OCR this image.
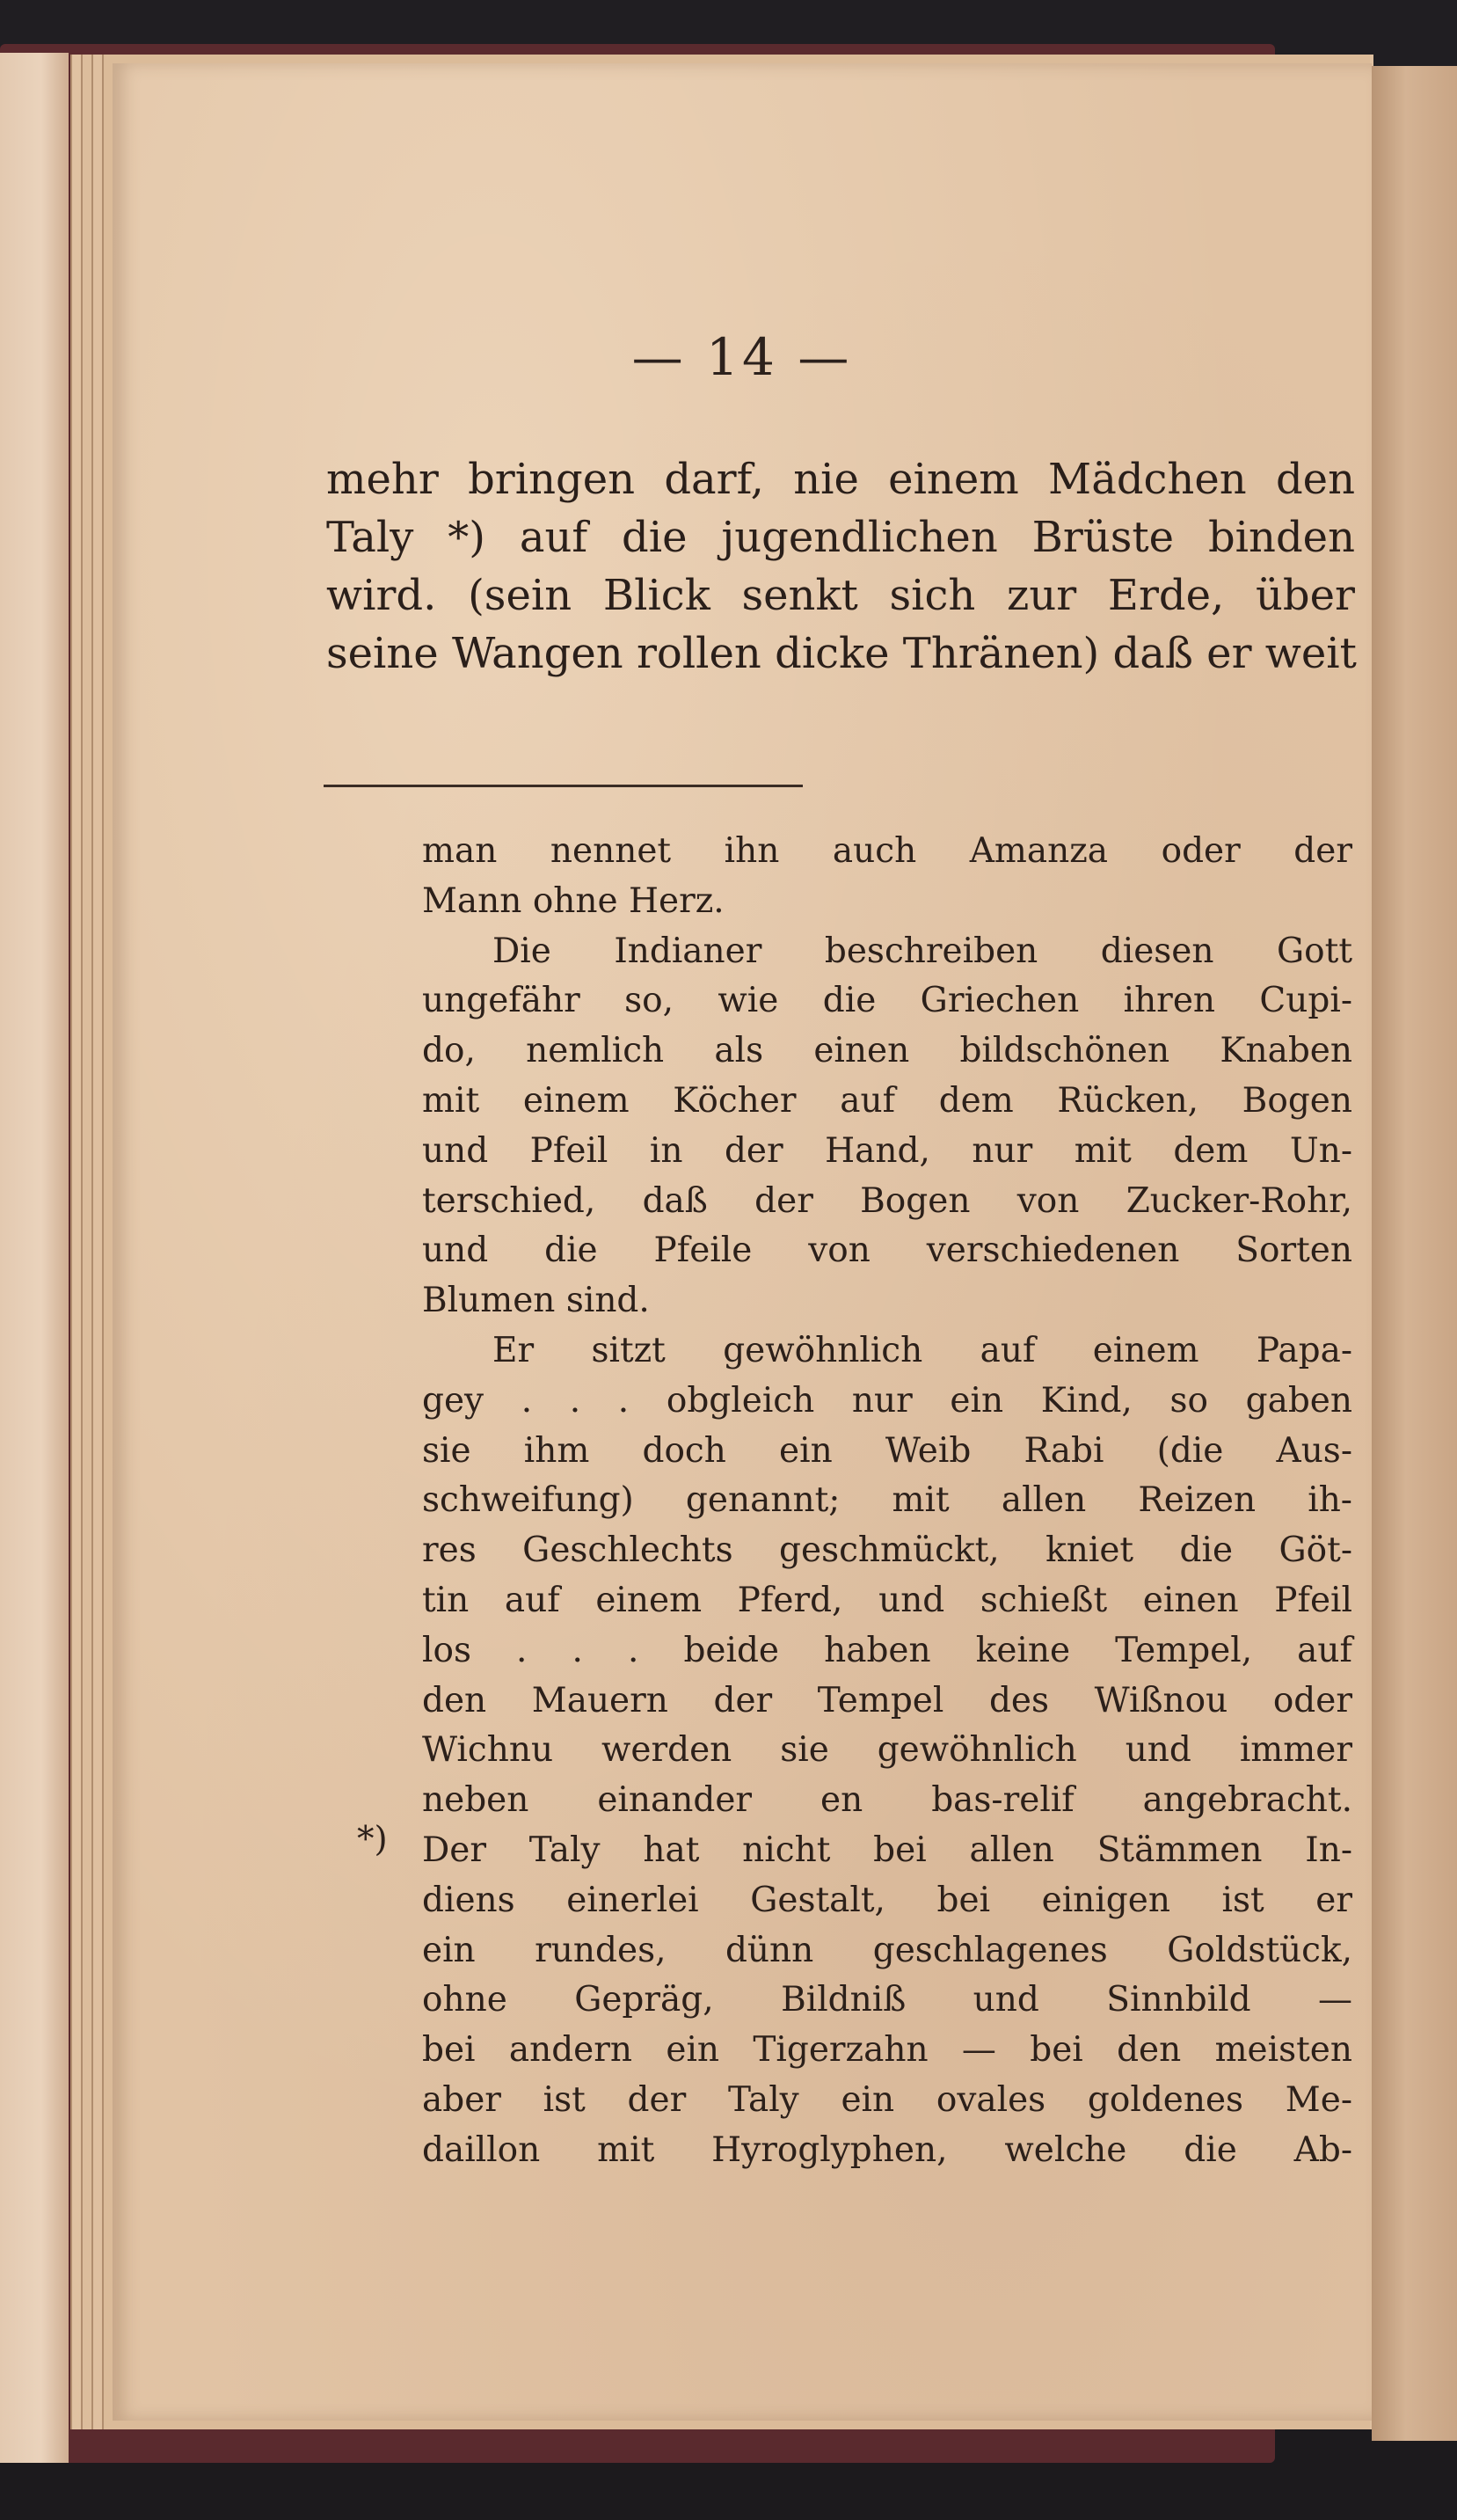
— 14 —
mehr bringen darf, nie einem Mädchen den
Taly *) auf die jugendlichen Brüste binden
wird. (sein Blick senkt sich zur Erde, über
seine Wangen rollen dicke Thränen) daß er weit
man nennet ihn auch Amanza oder der
Mann ohne Herz.
Die Indianer beschreiben diesen Gott
ungefähr so, wie die Griechen ihren Cupi-
do, nemlich als einen bildschönen Knaben
mit einem Köcher auf dem Rücken, Bogen
und Pfeil in der Hand, nur mit dem Un-
terschied, daß der Bogen von Zucker-Rohr,
und die Pfeile von verschiedenen Sorten
Blumen sind.
Er sitzt gewöhnlich auf einem Papa-
gey . . . obgleich nur ein Kind, so gaben
sie ihm doch ein Weib Rabi (die Aus-
schweifung) genannt; mit allen Reizen ih-
res Geschlechts geschmückt, kniet die Göt-
tin auf einem Pferd, und schießt einen Pfeil
los . . . beide haben keine Tempel, auf
den Mauern der Tempel des Wißnou oder
Wichnu werden sie gewöhnlich und immer
neben einander en bas-relif angebracht.
Der Taly hat nicht bei allen Stämmen In-
diens einerlei Gestalt, bei einigen ist er
ein rundes, dünn geschlagenes Goldstück,
ohne Gepräg, Bildniß und Sinnbild —
bei andern ein Tigerzahn — bei den meisten
aber ist der Taly ein ovales goldenes Me-
daillon mit Hyroglyphen, welche die Ab-
*)
